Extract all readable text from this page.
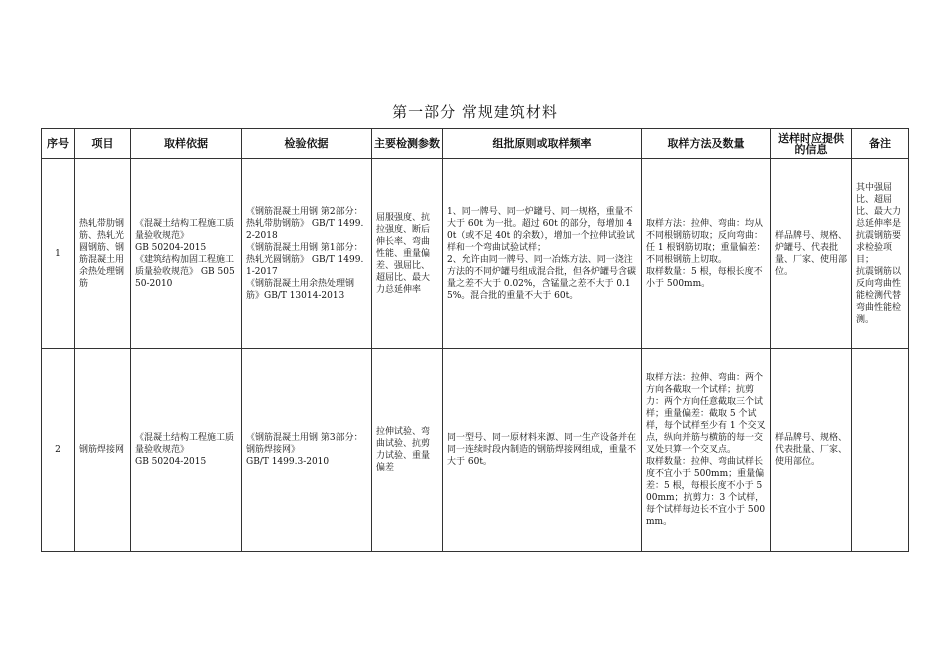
第一部分 常规建筑材料
序号	项目	取样依据	检验依据	主要检测参数	组批原则或取样频率	取样方法及数量	送样时应提供的信息	备注
1	热轧带肋钢筋、热轧光圆钢筋、钢筋混凝土用余热处理钢筋	《混凝土结构工程施工质量验收规范》
GB 50204-2015
《建筑结构加固工程施工质量验收规范》 GB 50550-2010	《钢筋混凝土用钢 第2部分：热轧带肋钢筋》 GB/T 1499.2-2018
《钢筋混凝土用钢 第1部分：热轧光圆钢筋》 GB/T 1499.1-2017
《钢筋混凝土用余热处理钢筋》GB/T 13014-2013	屈服强度、抗拉强度、断后伸长率、弯曲性能、重量偏差、强屈比、超屈比、最大力总延伸率	1、同一牌号、同一炉罐号、同一规格，重量不大于 60t 为一批。超过 60t 的部分，每增加 40t（或不足 40t 的余数），增加一个拉伸试验试样和一个弯曲试验试样；
2、允许由同一牌号、同一冶炼方法、同一浇注方法的不同炉罐号组成混合批，但各炉罐号含碳量之差不大于 0.02%，含锰量之差不大于 0.15%。混合批的重量不大于 60t。	取样方法：拉伸、弯曲：均从不同根钢筋切取；反向弯曲：任 1 根钢筋切取；重量偏差：不同根钢筋上切取。
取样数量：5 根，每根长度不小于 500mm。	样品牌号、规格、炉罐号、代表批量、厂家、使用部位。	其中强屈比、超屈比、最大力总延伸率是抗震钢筋要求检验项目；
抗震钢筋以反向弯曲性能检测代替弯曲性能检测。
2	钢筋焊接网	《混凝土结构工程施工质量验收规范》
GB 50204-2015	《钢筋混凝土用钢 第3部分：钢筋焊接网》
GB/T 1499.3-2010	拉伸试验、弯曲试验、抗剪力试验、重量偏差	同一型号、同一原材料来源、同一生产设备并在同一连续时段内制造的钢筋焊接网组成，重量不大于 60t。	取样方法：拉伸、弯曲：两个方向各截取一个试样；抗剪力：两个方向任意截取三个试样；重量偏差：截取 5 个试样，每个试样至少有 1 个交叉点，纵向并筋与横筋的每一交叉处只算一个交叉点。
取样数量：拉伸、弯曲试样长度不宜小于 500mm；重量偏差：5 根，每根长度不小于 500mm；抗剪力：3 个试样，每个试样每边长不宜小于 500mm。	样品牌号、规格、代表批量、厂家、使用部位。	
